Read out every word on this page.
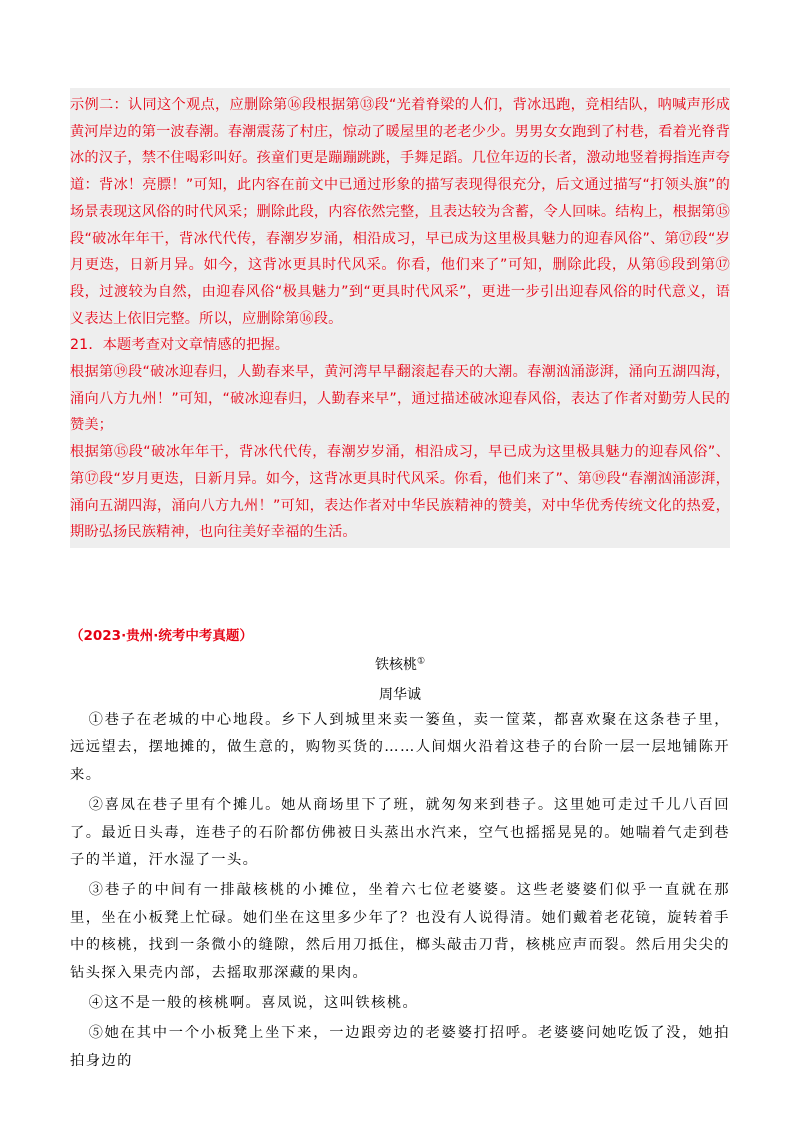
示例二：认同这个观点，应删除第⑯段根据第⑬段“光着脊梁的人们，背冰迅跑，竞相结队，呐喊声形成黄河岸边的第一波春潮。春潮震荡了村庄，惊动了暖屋里的老老少少。男男女女跑到了村巷，看着光脊背冰的汉子，禁不住喝彩叫好。孩童们更是蹦蹦跳跳，手舞足蹈。几位年迈的长者，激动地竖着拇指连声夸道：背冰！亮膘！”可知，此内容在前文中已通过形象的描写表现得很充分，后文通过描写“打领头旗”的场景表现这风俗的时代风采；删除此段，内容依然完整，且表达较为含蓄，令人回味。结构上，根据第⑮段“破冰年年干，背冰代代传，春潮岁岁涌，相沿成习，早已成为这里极具魅力的迎春风俗”、第⑰段“岁月更迭，日新月异。如今，这背冰更具时代风采。你看，他们来了”可知，删除此段，从第⑮段到第⑰段，过渡较为自然，由迎春风俗“极具魅力”到“更具时代风采”，更进一步引出迎春风俗的时代意义，语义表达上依旧完整。所以，应删除第⑯段。

21．本题考查对文章情感的把握。

根据第⑲段“破冰迎春归，人勤春来早，黄河湾早早翻滚起春天的大潮。春潮汹涌澎湃，涌向五湖四海，涌向八方九州！”可知，“破冰迎春归，人勤春来早”，通过描述破冰迎春风俗，表达了作者对勤劳人民的赞美；

根据第⑮段“破冰年年干，背冰代代传，春潮岁岁涌，相沿成习，早已成为这里极具魅力的迎春风俗”、第⑰段“岁月更迭，日新月异。如今，这背冰更具时代风采。你看，他们来了”、第⑲段“春潮汹涌澎湃，涌向五湖四海，涌向八方九州！”可知，表达作者对中华民族精神的赞美，对中华优秀传统文化的热爱，期盼弘扬民族精神，也向往美好幸福的生活。

（2023·贵州·统考中考真题）
铁核桃①
周华诚

①巷子在老城的中心地段。乡下人到城里来卖一篓鱼，卖一筐菜，都喜欢聚在这条巷子里，远远望去，摆地摊的，做生意的，购物买货的……人间烟火沿着这巷子的台阶一层一层地铺陈开来。

②喜凤在巷子里有个摊儿。她从商场里下了班，就匆匆来到巷子。这里她可走过千儿八百回了。最近日头毒，连巷子的石阶都仿佛被日头蒸出水汽来，空气也摇摇晃晃的。她喘着气走到巷子的半道，汗水湿了一头。

③巷子的中间有一排敲核桃的小摊位，坐着六七位老婆婆。这些老婆婆们似乎一直就在那里，坐在小板凳上忙碌。她们坐在这里多少年了？也没有人说得清。她们戴着老花镜，旋转着手中的核桃，找到一条微小的缝隙，然后用刀抵住，榔头敲击刀背，核桃应声而裂。然后用尖尖的钻头探入果壳内部，去摇取那深藏的果肉。

④这不是一般的核桃啊。喜凤说，这叫铁核桃。

⑤她在其中一个小板凳上坐下来，一边跟旁边的老婆婆打招呼。老婆婆问她吃饭了没，她拍拍身边的
